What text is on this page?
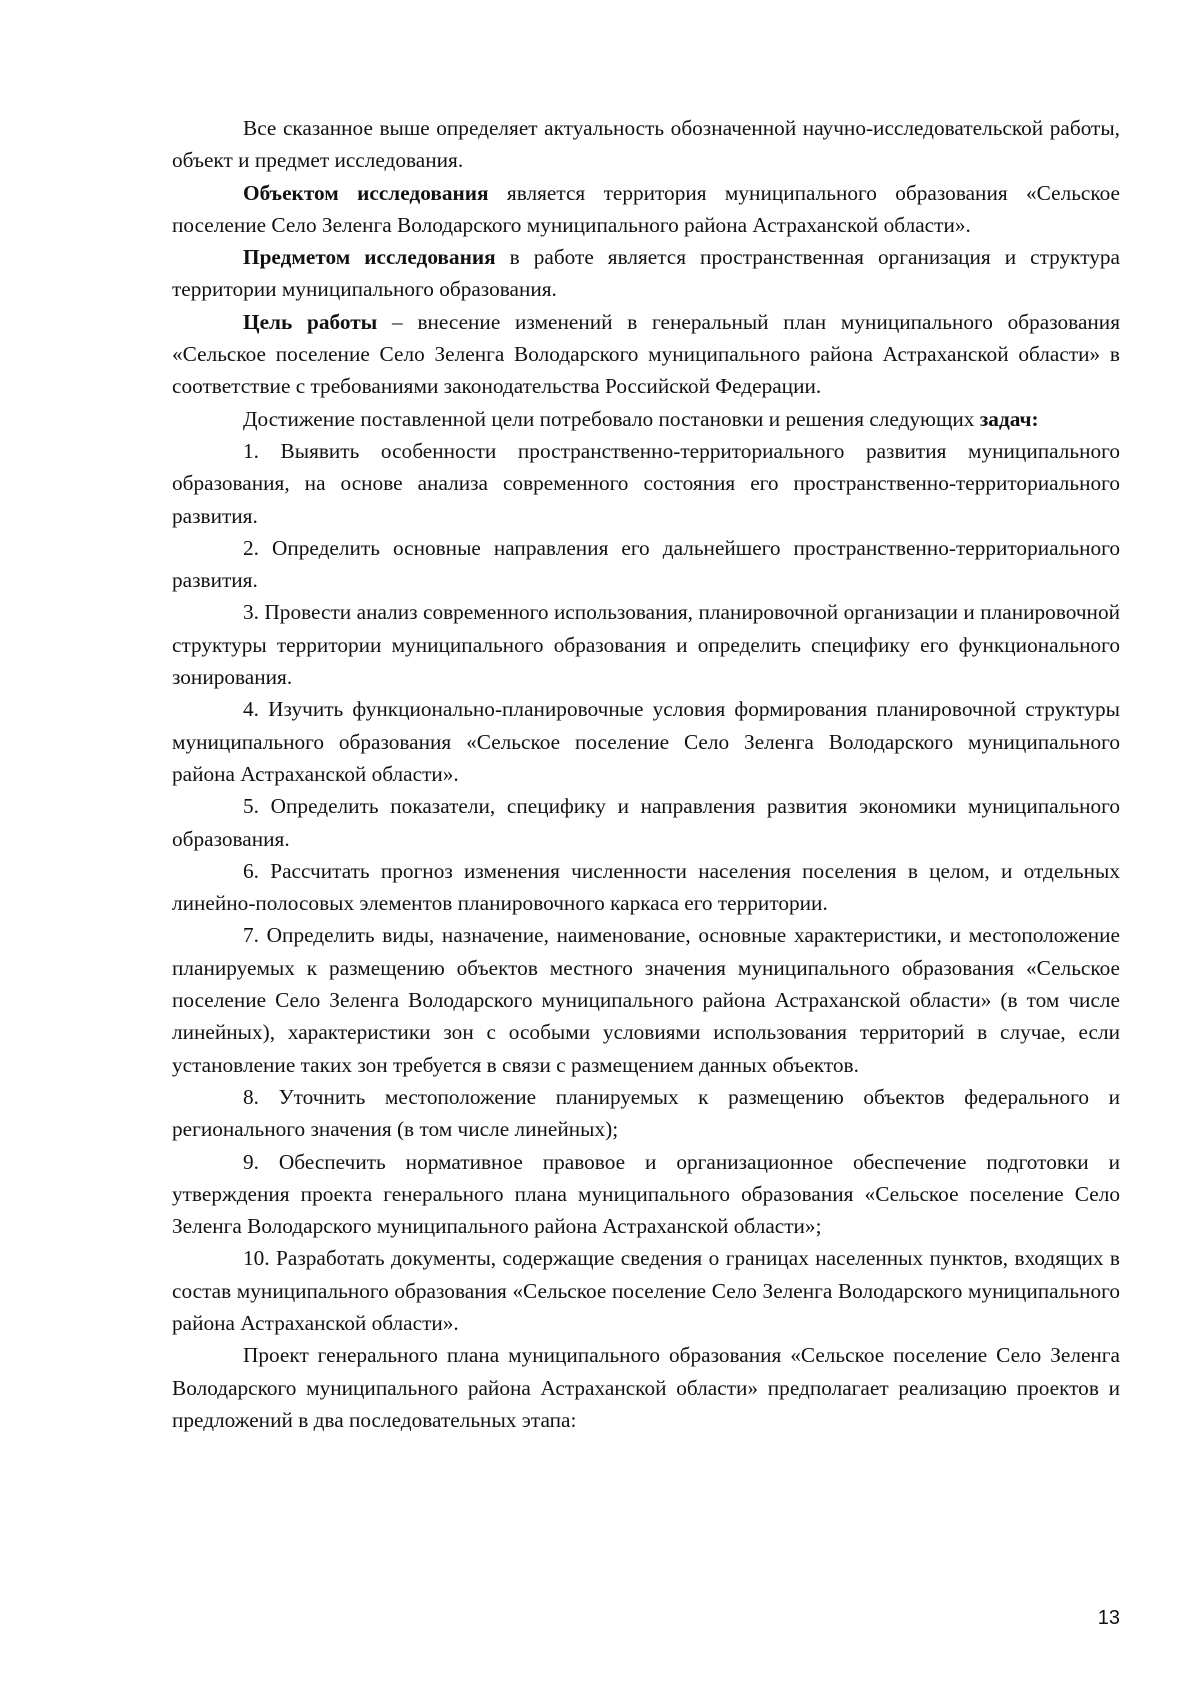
Все сказанное выше определяет актуальность обозначенной научно-исследовательской работы, объект и предмет исследования.

Объектом исследования является территория муниципального образования «Сельское поселение Село Зеленга Володарского муниципального района Астраханской области».

Предметом исследования в работе является пространственная организация и структура территории муниципального образования.

Цель работы – внесение изменений в генеральный план муниципального образования «Сельское поселение Село Зеленга Володарского муниципального района Астраханской области» в соответствие с требованиями законодательства Российской Федерации.

Достижение поставленной цели потребовало постановки и решения следующих задач:

1. Выявить особенности пространственно-территориального развития муниципального образования, на основе анализа современного состояния его пространственно-территориального развития.

2. Определить основные направления его дальнейшего пространственно-территориального развития.

3. Провести анализ современного использования, планировочной организации и планировочной структуры территории муниципального образования и определить специфику его функционального зонирования.

4. Изучить функционально-планировочные условия формирования планировочной структуры муниципального образования «Сельское поселение Село Зеленга Володарского муниципального района Астраханской области».

5. Определить показатели, специфику и направления развития экономики муниципального образования.

6. Рассчитать прогноз изменения численности населения поселения в целом, и отдельных линейно-полосовых элементов планировочного каркаса его территории.

7. Определить виды, назначение, наименование, основные характеристики, и местоположение планируемых к размещению объектов местного значения муниципального образования «Сельское поселение Село Зеленга Володарского муниципального района Астраханской области» (в том числе линейных), характеристики зон с особыми условиями использования территорий в случае, если установление таких зон требуется в связи с размещением данных объектов.

8. Уточнить местоположение планируемых к размещению объектов федерального и регионального значения (в том числе линейных);

9. Обеспечить нормативное правовое и организационное обеспечение подготовки и утверждения проекта генерального плана муниципального образования «Сельское поселение Село Зеленга Володарского муниципального района Астраханской области»;

10. Разработать документы, содержащие сведения о границах населенных пунктов, входящих в состав муниципального образования «Сельское поселение Село Зеленга Володарского муниципального района Астраханской области».

Проект генерального плана муниципального образования «Сельское поселение Село Зеленга Володарского муниципального района Астраханской области» предполагает реализацию проектов и предложений в два последовательных этапа:

13
